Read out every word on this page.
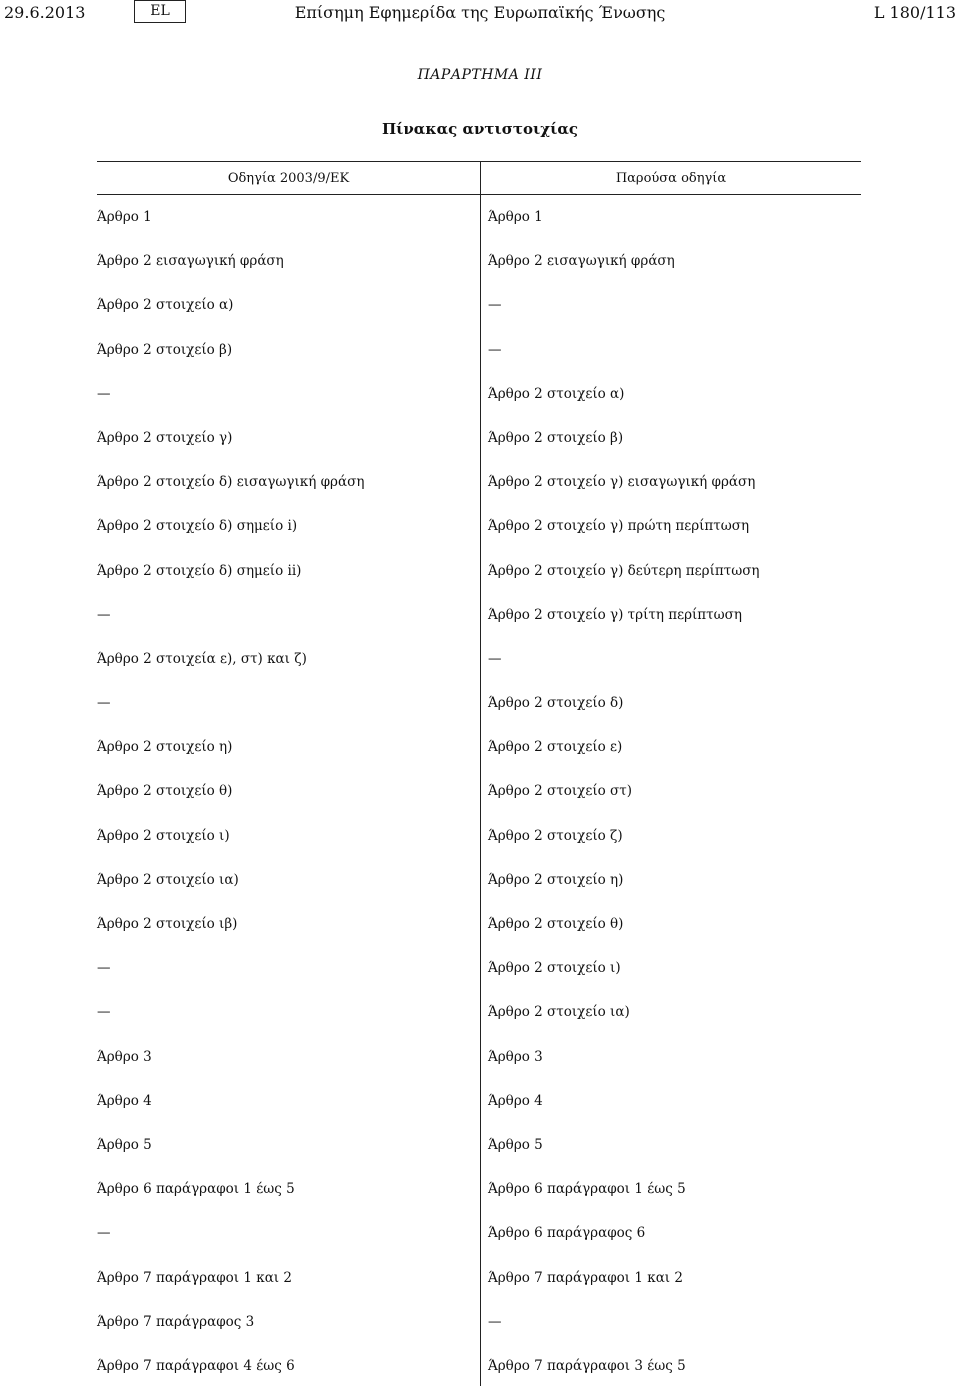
29.6.2013	EL	Επίσημη Εφημερίδα της Ευρωπαϊκής Ένωσης	L 180/113
ΠΑΡΑΡΤΗΜΑ III
Πίνακας αντιστοιχίας
Οδηγία 2003/9/ΕΚ	Παρούσα οδηγία
Άρθρο 1	Άρθρο 1
Άρθρο 2 εισαγωγική φράση	Άρθρο 2 εισαγωγική φράση
Άρθρο 2 στοιχείο α)	—
Άρθρο 2 στοιχείο β)	—
—	Άρθρο 2 στοιχείο α)
Άρθρο 2 στοιχείο γ)	Άρθρο 2 στοιχείο β)
Άρθρο 2 στοιχείο δ) εισαγωγική φράση	Άρθρο 2 στοιχείο γ) εισαγωγική φράση
Άρθρο 2 στοιχείο δ) σημείο i)	Άρθρο 2 στοιχείο γ) πρώτη περίπτωση
Άρθρο 2 στοιχείο δ) σημείο ii)	Άρθρο 2 στοιχείο γ) δεύτερη περίπτωση
—	Άρθρο 2 στοιχείο γ) τρίτη περίπτωση
Άρθρο 2 στοιχεία ε), στ) και ζ)	—
—	Άρθρο 2 στοιχείο δ)
Άρθρο 2 στοιχείο η)	Άρθρο 2 στοιχείο ε)
Άρθρο 2 στοιχείο θ)	Άρθρο 2 στοιχείο στ)
Άρθρο 2 στοιχείο ι)	Άρθρο 2 στοιχείο ζ)
Άρθρο 2 στοιχείο ια)	Άρθρο 2 στοιχείο η)
Άρθρο 2 στοιχείο ιβ)	Άρθρο 2 στοιχείο θ)
—	Άρθρο 2 στοιχείο ι)
—	Άρθρο 2 στοιχείο ια)
Άρθρο 3	Άρθρο 3
Άρθρο 4	Άρθρο 4
Άρθρο 5	Άρθρο 5
Άρθρο 6 παράγραφοι 1 έως 5	Άρθρο 6 παράγραφοι 1 έως 5
—	Άρθρο 6 παράγραφος 6
Άρθρο 7 παράγραφοι 1 και 2	Άρθρο 7 παράγραφοι 1 και 2
Άρθρο 7 παράγραφος 3	—
Άρθρο 7 παράγραφοι 4 έως 6	Άρθρο 7 παράγραφοι 3 έως 5
